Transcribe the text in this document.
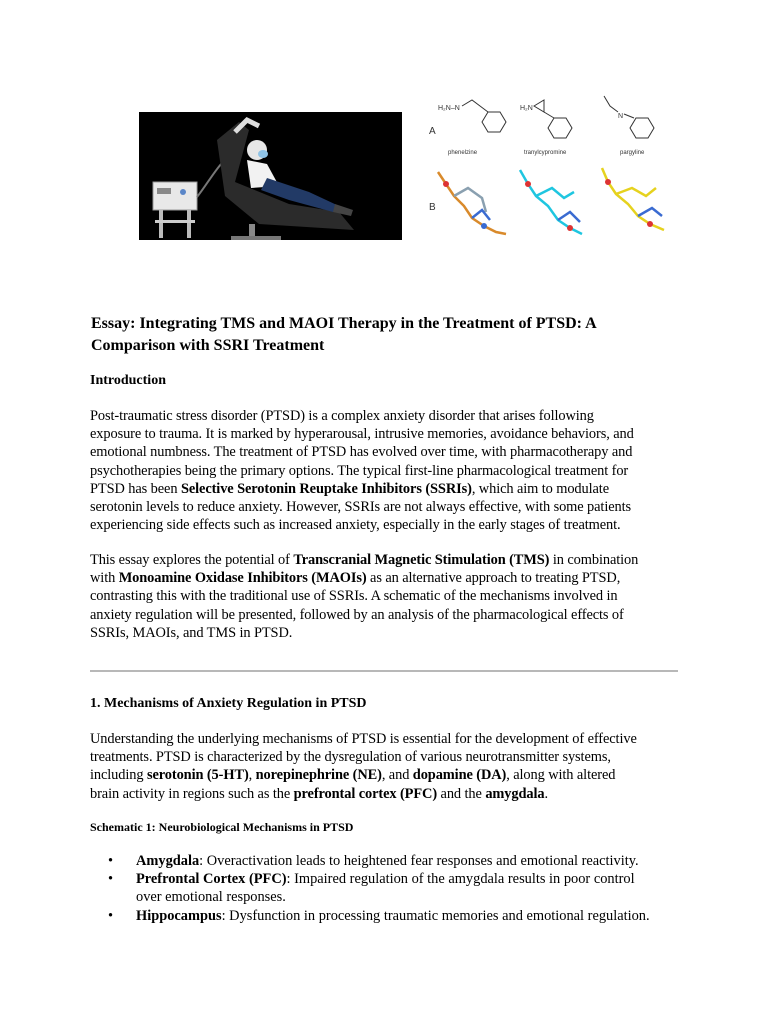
A
B
H₂N–N	H₂N
N
phenelzine	tranylcypromine	pargyline
Essay: Integrating TMS and MAOI Therapy in the Treatment of PTSD: A
Comparison with SSRI Treatment
Introduction

Post-traumatic stress disorder (PTSD) is a complex anxiety disorder that arises following
exposure to trauma. It is marked by hyperarousal, intrusive memories, avoidance behaviors, and
emotional numbness. The treatment of PTSD has evolved over time, with pharmacotherapy and
psychotherapies being the primary options. The typical first-line pharmacological treatment for
PTSD has been Selective Serotonin Reuptake Inhibitors (SSRIs), which aim to modulate
serotonin levels to reduce anxiety. However, SSRIs are not always effective, with some patients
experiencing side effects such as increased anxiety, especially in the early stages of treatment.

This essay explores the potential of Transcranial Magnetic Stimulation (TMS) in combination
with Monoamine Oxidase Inhibitors (MAOIs) as an alternative approach to treating PTSD,
contrasting this with the traditional use of SSRIs. A schematic of the mechanisms involved in
anxiety regulation will be presented, followed by an analysis of the pharmacological effects of
SSRIs, MAOIs, and TMS in PTSD.

1. Mechanisms of Anxiety Regulation in PTSD

Understanding the underlying mechanisms of PTSD is essential for the development of effective
treatments. PTSD is characterized by the dysregulation of various neurotransmitter systems,
including serotonin (5-HT), norepinephrine (NE), and dopamine (DA), along with altered
brain activity in regions such as the prefrontal cortex (PFC) and the amygdala.

Schematic 1: Neurobiological Mechanisms in PTSD
• Amygdala: Overactivation leads to heightened fear responses and emotional reactivity.
• Prefrontal Cortex (PFC): Impaired regulation of the amygdala results in poor control
over emotional responses.
• Hippocampus: Dysfunction in processing traumatic memories and emotional regulation.
